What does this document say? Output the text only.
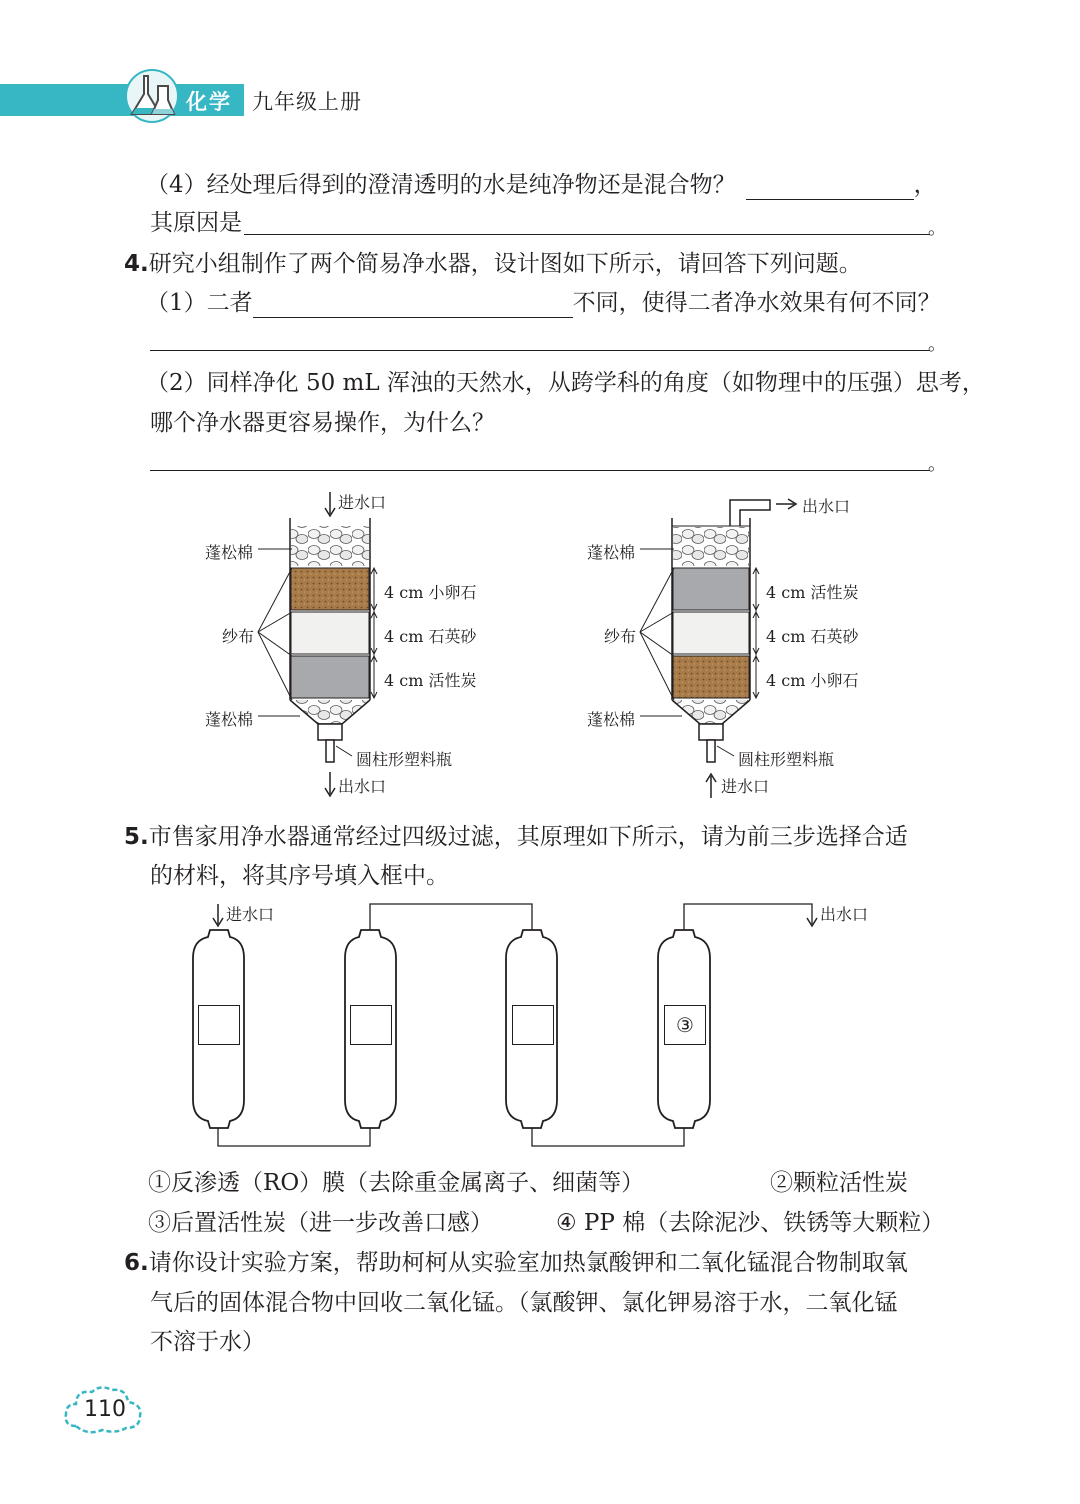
化学 九年级上册
（4）经处理后得到的澄清透明的水是纯净物还是混合物？	，
其原因是	。
4.研究小组制作了两个简易净水器，设计图如下所示，请回答下列问题。
（1）二者	不同，使得二者净水效果有何不同？
。
（2）同样净化 50 mL 浑浊的天然水，从跨学科的角度（如物理中的压强）思考，
哪个净水器更容易操作，为什么？
。
进水口
蓬松棉
纱布
蓬松棉
4 cm 小卵石
4 cm 石英砂
4 cm 活性炭
圆柱形塑料瓶
出水口
出水口
蓬松棉
纱布
蓬松棉
4 cm 活性炭
4 cm 石英砂
4 cm 小卵石
圆柱形塑料瓶
进水口
5.市售家用净水器通常经过四级过滤，其原理如下所示，请为前三步选择合适
的材料，将其序号填入框中。
进水口	出水口
③
①反渗透（RO）膜（去除重金属离子、细菌等）	②颗粒活性炭
③后置活性炭（进一步改善口感）	④ PP 棉（去除泥沙、铁锈等大颗粒）
6.请你设计实验方案，帮助柯柯从实验室加热氯酸钾和二氧化锰混合物制取氧
气后的固体混合物中回收二氧化锰。（氯酸钾、氯化钾易溶于水，二氧化锰
不溶于水）
110
